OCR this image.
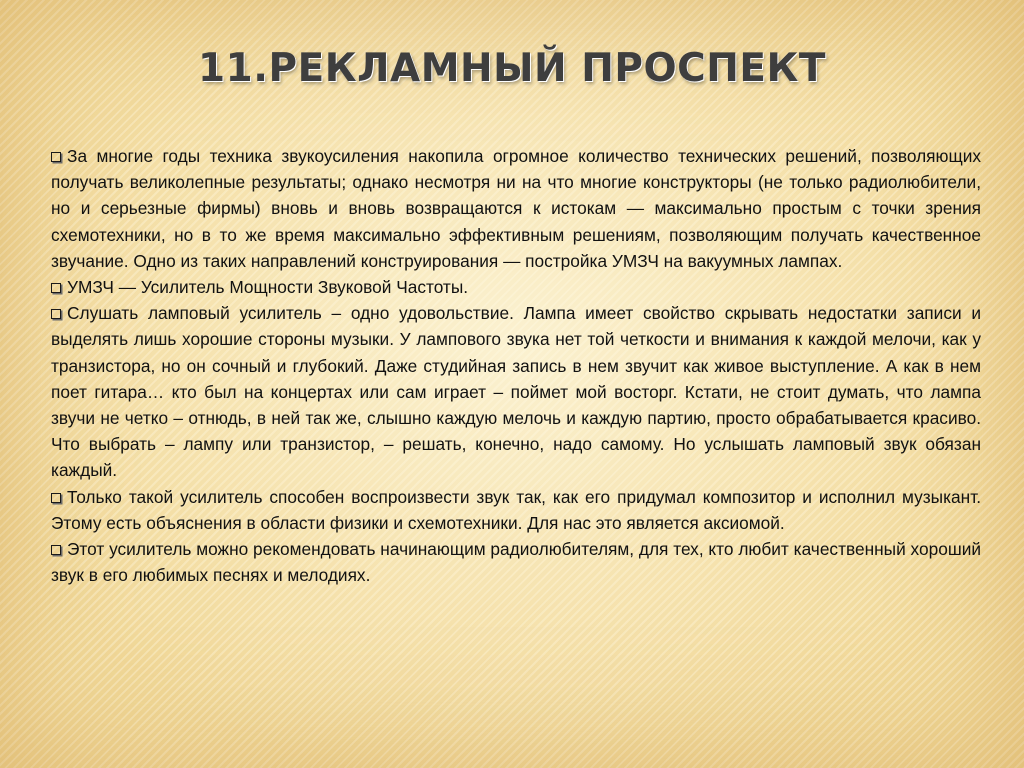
11.РЕКЛАМНЫЙ ПРОСПЕКТ

За многие годы техника звукоусиления накопила огромное количество технических решений, позволяющих получать великолепные результаты; однако несмотря ни на что многие конструкторы (не только радиолюбители, но и серьезные фирмы) вновь и вновь возвращаются к истокам — максимально простым с точки зрения схемотехники, но в то же время максимально эффективным решениям, позволяющим получать качественное звучание. Одно из таких направлений конструирования — постройка УМЗЧ на вакуумных лампах.

УМЗЧ — Усилитель Мощности Звуковой Частоты.

Слушать ламповый усилитель – одно удовольствие. Лампа имеет свойство скрывать недостатки записи и выделять лишь хорошие стороны музыки. У лампового звука нет той четкости и внимания к каждой мелочи, как у транзистора, но он сочный и глубокий. Даже студийная запись в нем звучит как живое выступление. А как в нем поет гитара… кто был на концертах или сам играет – поймет мой восторг. Кстати, не стоит думать, что лампа звучи не четко – отнюдь, в ней так же, слышно каждую мелочь и каждую партию, просто обрабатывается красиво. Что выбрать – лампу или транзистор, – решать, конечно, надо самому. Но услышать ламповый звук обязан каждый.

Только такой усилитель способен воспроизвести звук так, как его придумал композитор и исполнил музыкант. Этому есть объяснения в области физики и схемотехники. Для нас это является аксиомой.

Этот усилитель можно рекомендовать начинающим радиолюбителям, для тех, кто любит качественный хороший звук в его любимых песнях и мелодиях.
